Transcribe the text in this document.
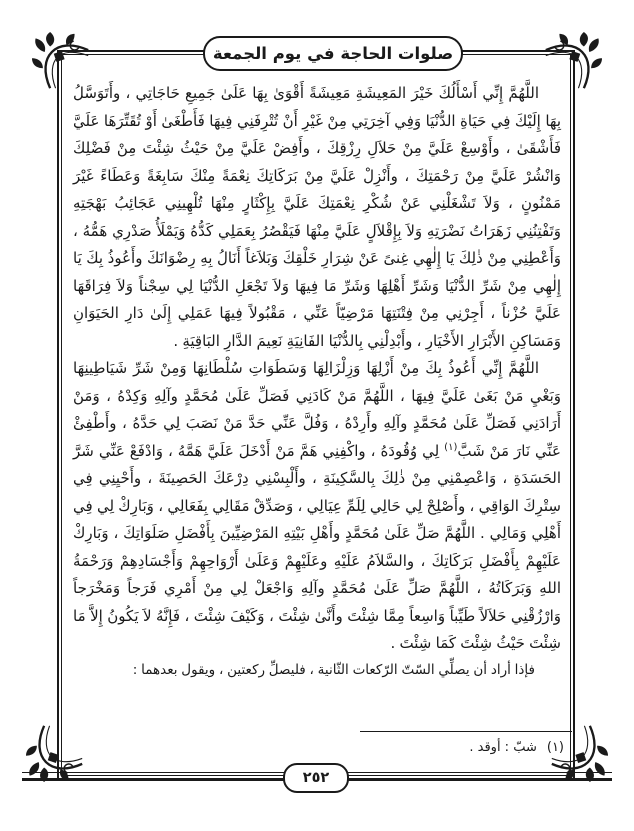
صلوات الحاجة في يوم الجمعة

اللَّهُمَّ إِنِّي أَسْأَلُكَ خَيْرَ المَعِيشَةِ مَعِيشَةً أَقْوَىٰ بِهَا عَلَىٰ جَمِيعِ حَاجَاتِي ، وأَتَوَسَّلُ بِهَا إِلَيْكَ فِي حَيَاةِ الدُّنْيَا وَفِي آخِرَتِي مِنْ غَيْرِ أَنْ تُتْرِفَنِي فِيهَا فَأَطْغَىٰ أَوْ تُقَتِّرَهَا عَلَيَّ فَأَشْقَىٰ ، وأَوْسِعْ عَلَيَّ مِنْ حَلاَلِ رِزْقِكَ ، وأَفِضْ عَلَيَّ مِنْ حَيْثُ شِئْتَ مِنْ فَضْلِكَ وَانْشُرْ عَلَيَّ مِنْ رَحْمَتِكَ ، وأَنْزِلْ عَلَيَّ مِنْ بَرَكَاتِكَ نِعْمَةً مِنْكَ سَابِغَةً وَعَطَاءً غَيْرَ مَمْنُونٍ ، وَلاَ تَشْغَلْنِي عَنْ شُكْرِ نِعْمَتِكَ عَلَيَّ بِإِكْثَارٍ مِنْهَا تُلْهِينِي عَجَائِبُ بَهْجَتِهِ وَتَفْتِنُنِي زَهَرَاتُ نَضْرَتِهِ وَلاَ بِإِقْلاَلٍ عَلَيَّ مِنْهَا فَيَقْصُرُ بِعَمَلِي كَدُّهُ وَيَمْلَأُ صَدْرِي هَمُّهُ ، وَأَعْطِنِي مِنْ ذٰلِكَ يَا إِلٰهِي غِنىً عَنْ شِرَارِ خَلْقِكَ وَبَلاَغاً أَنَالُ بِهِ رِضْوَانَكَ وأَعُوذُ بِكَ يَا إِلٰهِي مِنْ شَرِّ الدُّنْيَا وَشَرِّ أَهْلِهَا وَشَرِّ مَا فِيهَا وَلاَ تَجْعَلِ الدُّنْيَا لِي سِجْناً وَلاَ فِرَاقَهَا عَلَيَّ حُزْناً ، أَجِرْنِي مِنْ فِتْنَتِهَا مَرْضِيّاً عَنِّي ، مَقْبُولاً فِيهَا عَمَلِي إِلَىٰ دَارِ الحَيَوَانِ وَمَسَاكِنِ الأَبْرَارِ الأَخْيَارِ ، وأَبْدِلْنِي بِالدُّنْيَا الفَانِيَةِ نَعِيمَ الدَّارِ البَاقِيَةِ .

اللَّهُمَّ إِنِّي أَعُوذُ بِكَ مِنْ أَزْلِهَا وَزِلْزَالِهَا وَسَطَوَاتِ سُلْطَانِهَا وَمِنْ شَرِّ شَيَاطِينِهَا وَبَغْيِ مَنْ بَغَىٰ عَلَيَّ فِيهَا ، اللَّهُمَّ مَنْ كَادَنِي فَصَلِّ عَلَىٰ مُحَمَّدٍ وآلِهِ وَكِدْهُ ، وَمَنْ أَرَادَنِي فَصَلِّ عَلَىٰ مُحَمَّدٍ وآلِهِ وأَرِدْهُ ، وَفُلَّ عَنِّي حَدَّ مَنْ نَصَبَ لِي حَدَّهُ ، وأَطْفِئْ عَنِّي نَارَ مَنْ شَبَّ$^{(١)}$ لِي وُقُودَهُ ، واكْفِنِي هَمَّ مَنْ أَدْخَلَ عَلَيَّ هَمَّهُ ، وَادْفَعْ عَنِّي شَرَّ الحَسَدَةِ ، وَاعْصِمْنِي مِنْ ذٰلِكَ بِالسَّكِينَةِ ، وأَلْبِسْنِي دِرْعَكَ الحَصِينَةَ ، وأَحْيِنِي فِي سِتْرِكَ الوَاقِي ، وأَصْلِحْ لِي حَالِي لِلَمِّ عِيَالِي ، وَصَدِّقْ مَقَالِي بِفَعَالِي ، وَبَارِكْ لِي فِي أَهْلِي وَمَالِي . اللَّهُمَّ صَلِّ عَلَىٰ مُحَمَّدٍ وأَهْلِ بَيْتِهِ المَرْضِيِّينَ بِأَفْضَلِ صَلَوَاتِكَ ، وَبَارِكْ عَلَيْهِمْ بِأَفْضَلِ بَرَكَاتِكَ ، والسَّلاَمُ عَلَيْهِ وعَلَيْهِمْ وَعَلَىٰ أَرْوَاحِهِمْ وَأَجْسَادِهِمْ وَرَحْمَةُ اللهِ وَبَرَكَاتُهُ ، اللَّهُمَّ صَلِّ عَلَىٰ مُحَمَّدٍ وآلِهِ وَاجْعَلْ لِي مِنْ أَمْرِي فَرَجاً وَمَخْرَجاً وَارْزُقْنِي حَلاَلاً طَيِّباً وَاسِعاً مِمَّا شِئْتَ وأَنَّىٰ شِئْتَ ، وَكَيْفَ شِئْتَ ، فَإِنَّهُ لاَ يَكُونُ إِلاَّ مَا شِئْتَ حَيْثُ شِئْتَ كَمَا شِئْتَ .

فإذا أراد أن يصلِّي السّتّ الرّكعات الثّانية ، فليصلِّ ركعتين ، ويقول بعدهما :

(١)شبّ : أوقد .
٢٥٢
